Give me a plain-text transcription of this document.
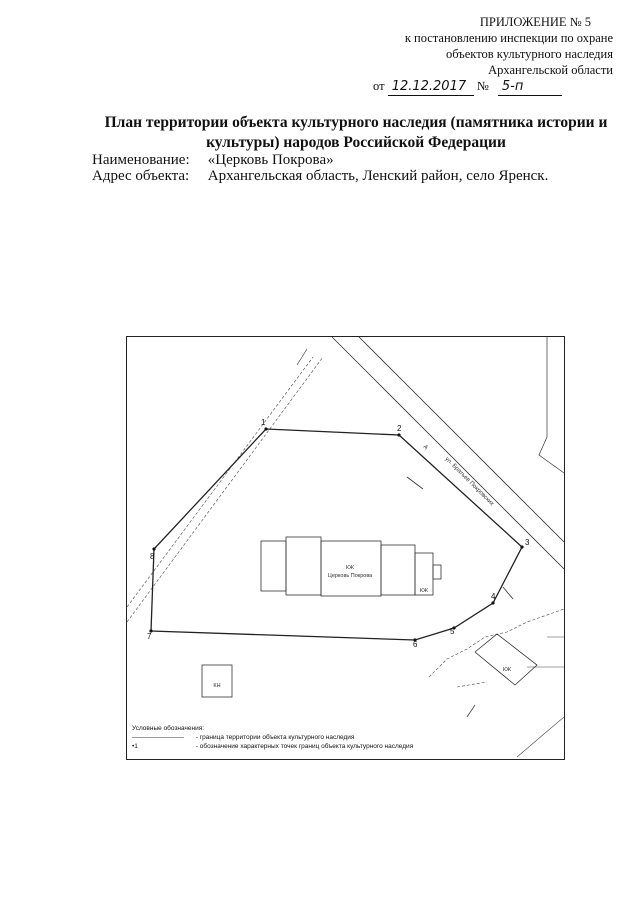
ПРИЛОЖЕНИЕ № 5
к постановлению инспекции по охране
объектов культурного наследия
Архангельской области
от 12.12.2017 № 5-п
План территории объекта культурного наследия (памятника истории и культуры) народов Российской Федерации
Наименование: «Церковь Покрова»
Адрес объекта: Архангельская область, Ленский район, село Яренск.
1
2
3
4
5
6
7
8
КЖ
Церковь Покрова
КЖ
КЖ
КН
А
ул. Братьев Покровских
Условные обозначения:
———————— - граница территории объекта культурного наследия
•1	- обозначение характерных точек границ объекта культурного наследия
